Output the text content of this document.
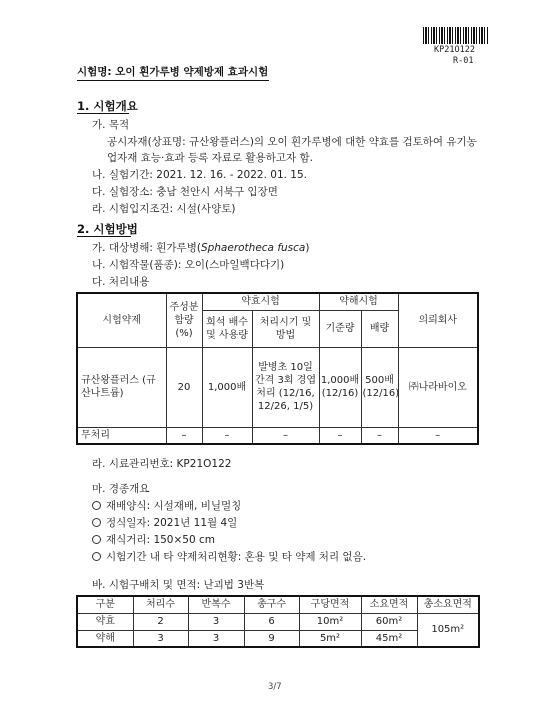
KP21O122
R-01
시험명: 오이 흰가루병 약제방제 효과시험
1. 시험개요
가. 목적
공시자재(상표명: 규산왕플러스)의 오이 흰가루병에 대한 약효를 검토하여 유기농
업자재 효능·효과 등록 자료로 활용하고자 함.
나. 실험기간: 2021. 12. 16. - 2022. 01. 15.
다. 실험장소: 충남 천안시 서북구 입장면
라. 시험입지조건: 시설(사양토)
2. 시험방법
가. 대상병해: 흰가루병(Sphaerotheca fusca)
나. 시험작물(품종): 오이(스마일백다다기)
다. 처리내용
시험약제	주성분 함량 (%)	약효시험		약해시험		의뢰회사
		희석 배수 및 사용량	처리시기 및 방법	기준량	배량	
규산왕플러스 (규산나트륨)	20	1,000배	발병초 10일간격 3회 경엽처리 (12/16, 12/26, 1/5)	1,000배 (12/16)	500배 (12/16)	㈜나라바이오
무처리	–	–	–	–	–	–
라. 시료관리번호: KP21O122
마. 경종개요
재배양식: 시설재배, 비닐멀칭
정식일자: 2021년 11월 4일
재식거리: 150×50 cm
시험기간 내 타 약제처리현황: 혼용 및 타 약제 처리 없음.
바. 시험구배치 및 면적: 난괴법 3반복
구분	처리수	반복수	총구수	구당면적	소요면적	총소요면적
약효	2	3	6	10m²	60m²	105m²
약해	3	3	9	5m²	45m²	
3/7
